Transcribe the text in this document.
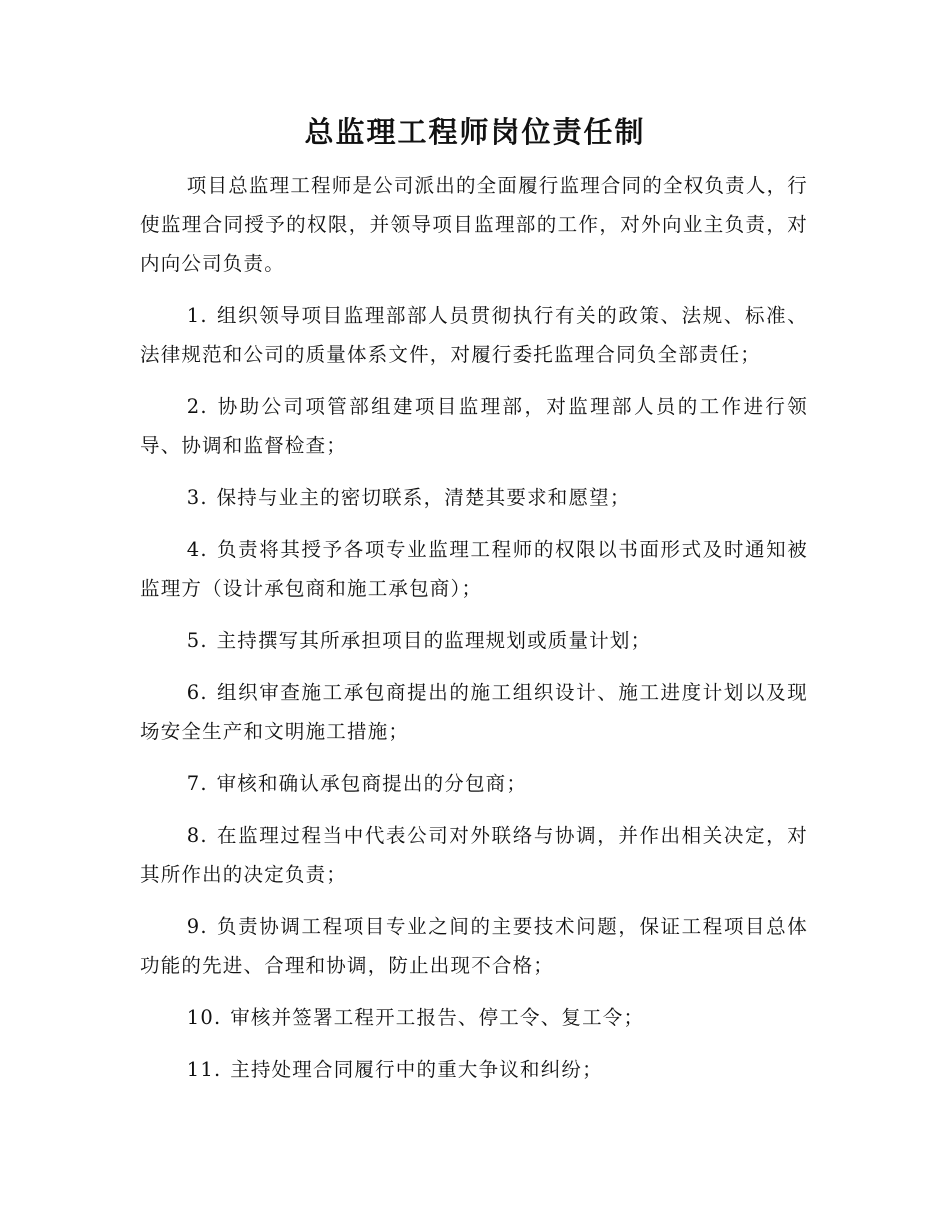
总监理工程师岗位责任制

项目总监理工程师是公司派出的全面履行监理合同的全权负责人，行使监理合同授予的权限，并领导项目监理部的工作，对外向业主负责，对内向公司负责。

1. 组织领导项目监理部部人员贯彻执行有关的政策、法规、标准、法律规范和公司的质量体系文件，对履行委托监理合同负全部责任；

2. 协助公司项管部组建项目监理部，对监理部人员的工作进行领导、协调和监督检查；

3. 保持与业主的密切联系，清楚其要求和愿望；

4. 负责将其授予各项专业监理工程师的权限以书面形式及时通知被监理方（设计承包商和施工承包商）；

5. 主持撰写其所承担项目的监理规划或质量计划；

6. 组织审查施工承包商提出的施工组织设计、施工进度计划以及现场安全生产和文明施工措施；

7. 审核和确认承包商提出的分包商；

8. 在监理过程当中代表公司对外联络与协调，并作出相关决定，对其所作出的决定负责；

9. 负责协调工程项目专业之间的主要技术问题，保证工程项目总体功能的先进、合理和协调，防止出现不合格；

10. 审核并签署工程开工报告、停工令、复工令；

11. 主持处理合同履行中的重大争议和纠纷；
